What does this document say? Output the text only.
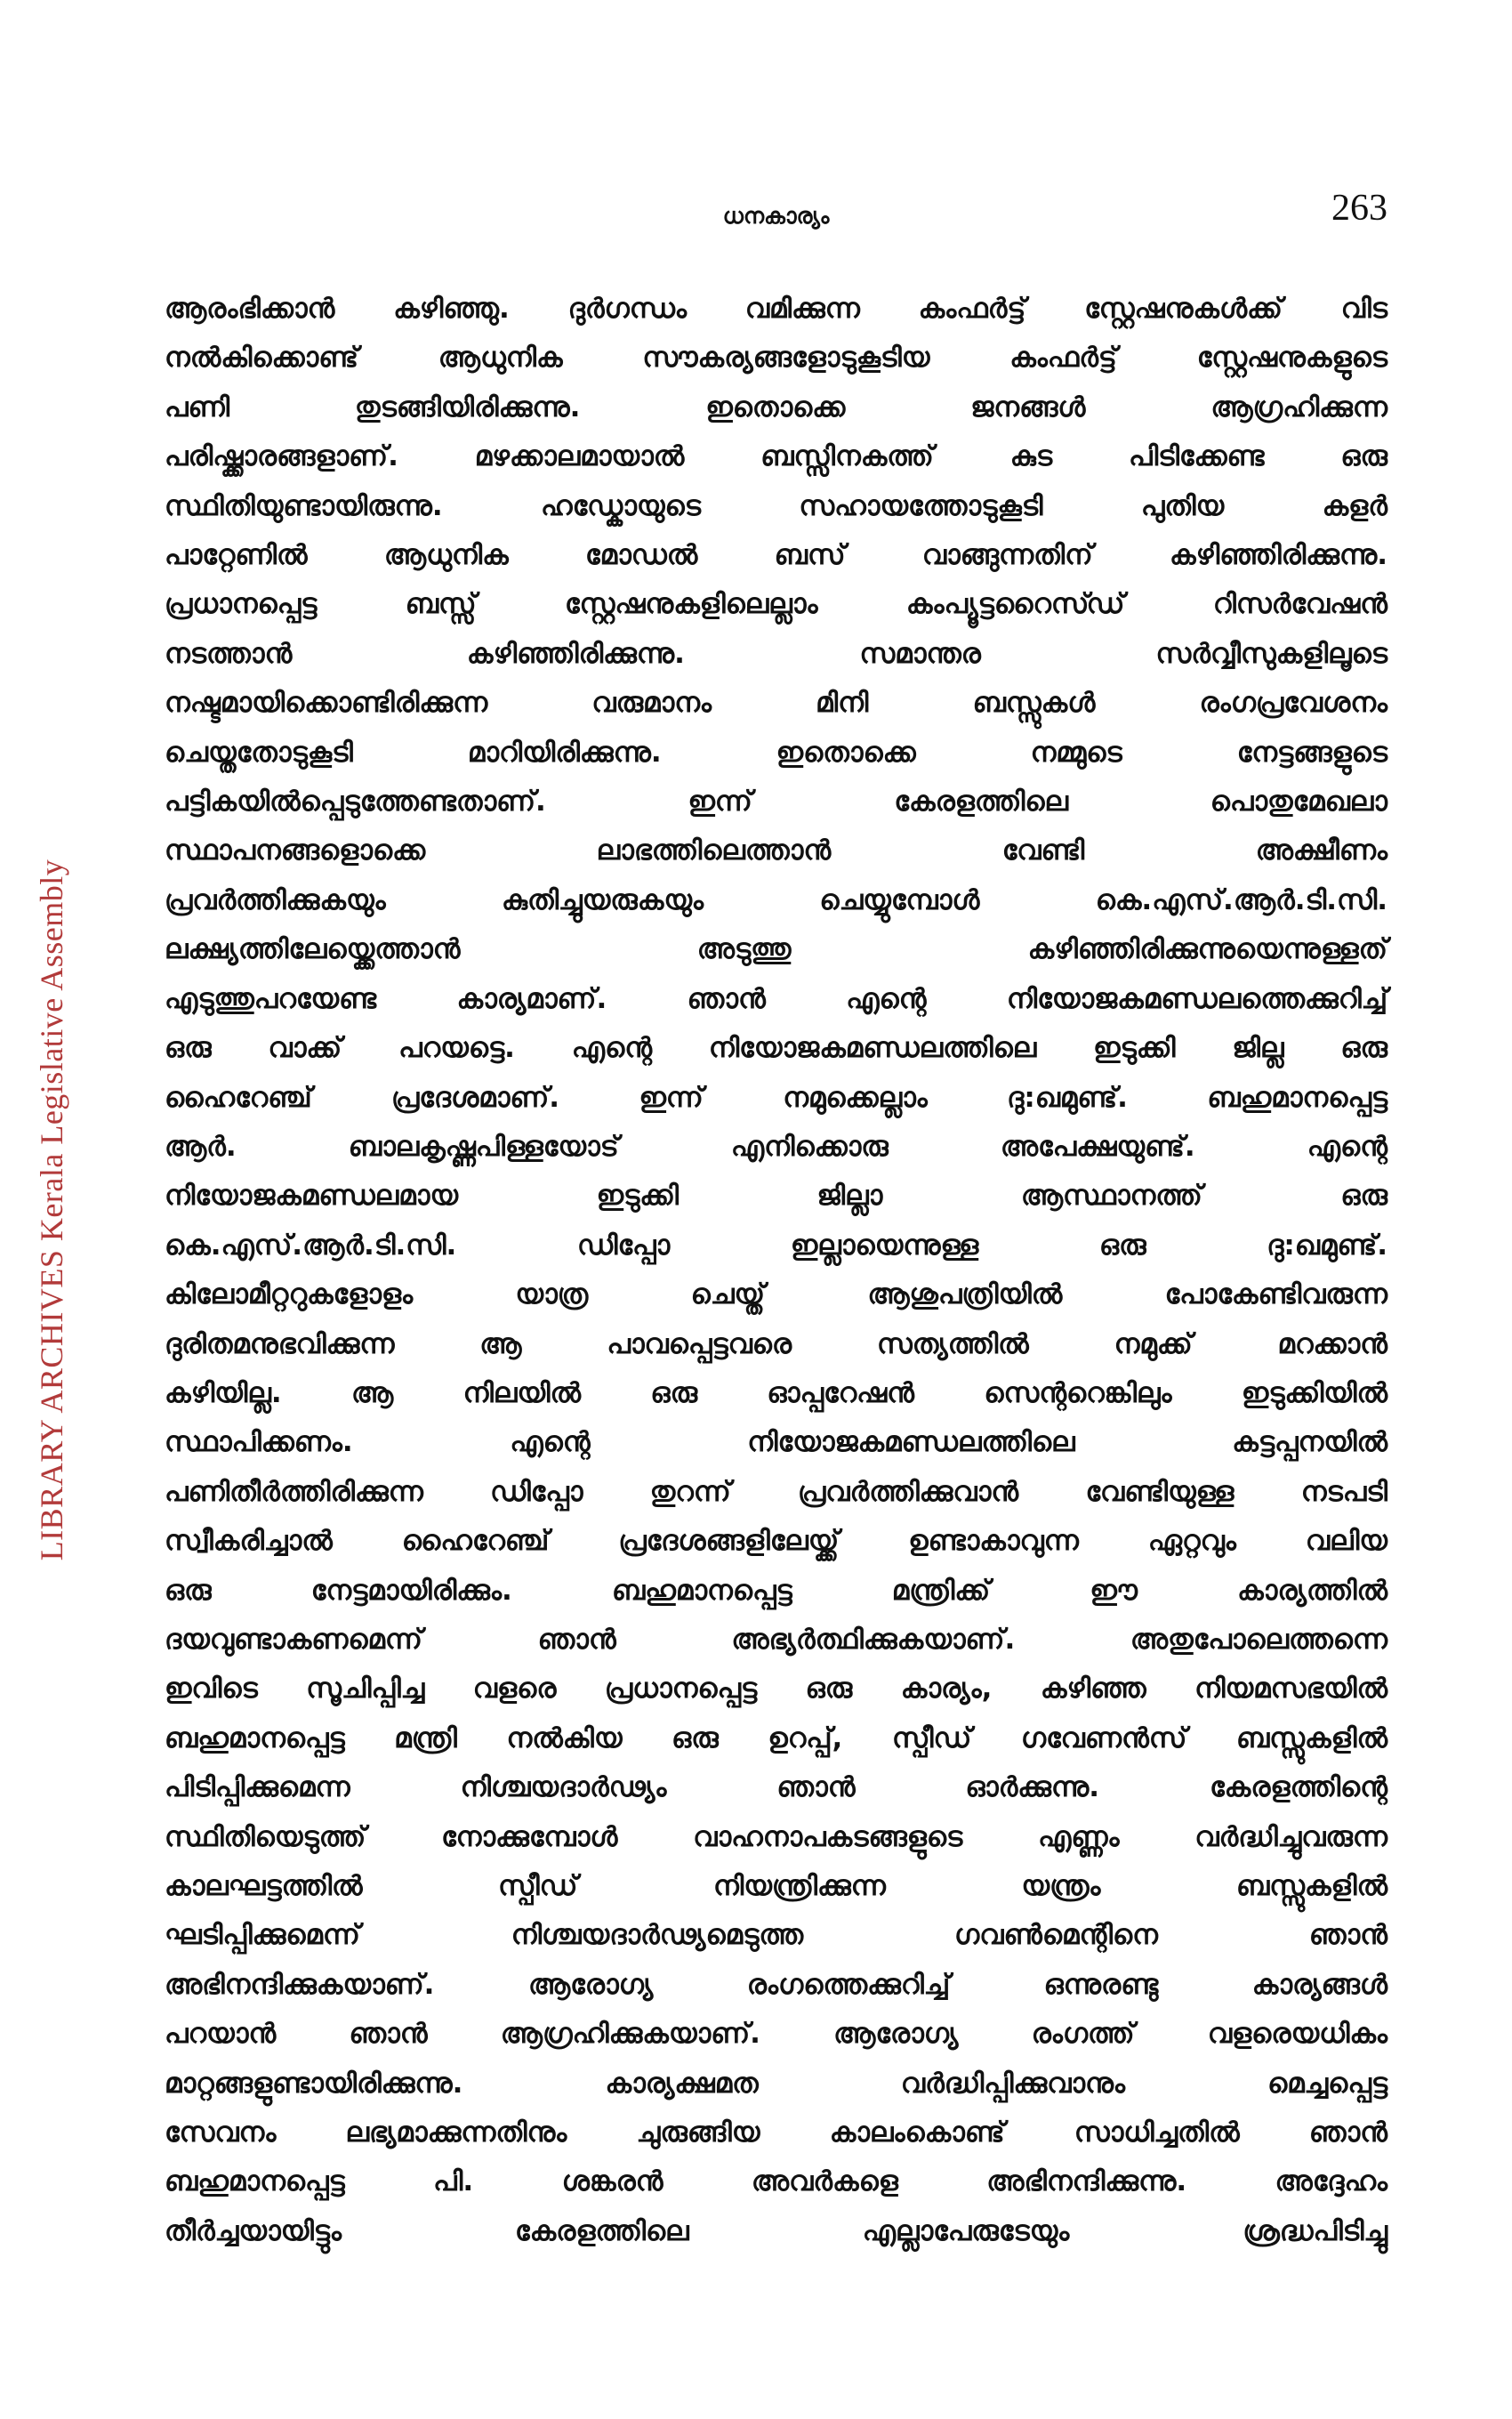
LIBRARY ARCHIVES Kerala Legislative Assembly
ധനകാര്യം	263

ആരംഭിക്കാൻ കഴിഞ്ഞു. ദുർഗന്ധം വമിക്കുന്ന കംഫർട്ട് സ്റ്റേഷനുകൾക്ക് വിട
നൽകിക്കൊണ്ട് ആധുനിക സൗകര്യങ്ങളോടുകൂടിയ കംഫർട്ട് സ്റ്റേഷനുകളുടെ
പണി തുടങ്ങിയിരിക്കുന്നു. ഇതൊക്കെ ജനങ്ങൾ ആഗ്രഹിക്കുന്ന
പരിഷ്ക്കാരങ്ങളാണ്. മഴക്കാലമായാൽ ബസ്സിനകത്ത് കുട പിടിക്കേണ്ട ഒരു
സ്ഥിതിയുണ്ടായിരുന്നു. ഹഡ്കോയുടെ സഹായത്തോടുകൂടി പുതിയ കളർ
പാറ്റേണിൽ ആധുനിക മോഡൽ ബസ് വാങ്ങുന്നതിന് കഴിഞ്ഞിരിക്കുന്നു.
പ്രധാനപ്പെട്ട ബസ്സ് സ്റ്റേഷനുകളിലെല്ലാം കംപ്യൂട്ടറൈസ്ഡ് റിസർവേഷൻ
നടത്താൻ കഴിഞ്ഞിരിക്കുന്നു. സമാന്തര സർവ്വീസുകളിലൂടെ
നഷ്ടമായിക്കൊണ്ടിരിക്കുന്ന വരുമാനം മിനി ബസ്സുകൾ രംഗപ്രവേശനം
ചെയ്തതോടുകൂടി മാറിയിരിക്കുന്നു. ഇതൊക്കെ നമ്മുടെ നേട്ടങ്ങളുടെ
പട്ടികയിൽപ്പെടുത്തേണ്ടതാണ്. ഇന്ന് കേരളത്തിലെ പൊതുമേഖലാ
സ്ഥാപനങ്ങളൊക്കെ ലാഭത്തിലെത്താൻ വേണ്ടി അക്ഷീണം
പ്രവർത്തിക്കുകയും കുതിച്ചുയരുകയും ചെയ്യുമ്പോൾ കെ.എസ്.ആർ.ടി.സി.
ലക്ഷ്യത്തിലേയ്ക്കെത്താൻ അടുത്തു കഴിഞ്ഞിരിക്കുന്നുയെന്നുള്ളത്
എടുത്തുപറയേണ്ട കാര്യമാണ്. ഞാൻ എന്റെ നിയോജകമണ്ഡലത്തെക്കുറിച്ച്
ഒരു വാക്ക് പറയട്ടെ. എന്റെ നിയോജകമണ്ഡലത്തിലെ ഇടുക്കി ജില്ല ഒരു
ഹൈറേഞ്ച് പ്രദേശമാണ്. ഇന്ന് നമുക്കെല്ലാം ദു:ഖമുണ്ട്. ബഹുമാനപ്പെട്ട
ആർ. ബാലകൃഷ്ണപിള്ളയോട് എനിക്കൊരു അപേക്ഷയുണ്ട്. എന്റെ
നിയോജകമണ്ഡലമായ ഇടുക്കി ജില്ലാ ആസ്ഥാനത്ത് ഒരു
കെ.എസ്.ആർ.ടി.സി. ഡിപ്പോ ഇല്ലായെന്നുള്ള ഒരു ദു:ഖമുണ്ട്.
കിലോമീറ്ററുകളോളം യാത്ര ചെയ്ത് ആശുപത്രിയിൽ പോകേണ്ടിവരുന്ന
ദുരിതമനുഭവിക്കുന്ന ആ പാവപ്പെട്ടവരെ സത്യത്തിൽ നമുക്ക് മറക്കാൻ
കഴിയില്ല. ആ നിലയിൽ ഒരു ഓപ്പറേഷൻ സെന്ററെങ്കിലും ഇടുക്കിയിൽ
സ്ഥാപിക്കണം. എന്റെ നിയോജകമണ്ഡലത്തിലെ കട്ടപ്പനയിൽ
പണിതീർത്തിരിക്കുന്ന ഡിപ്പോ തുറന്ന് പ്രവർത്തിക്കുവാൻ വേണ്ടിയുള്ള നടപടി
സ്വീകരിച്ചാൽ ഹൈറേഞ്ച് പ്രദേശങ്ങളിലേയ്ക്ക് ഉണ്ടാകാവുന്ന ഏറ്റവും വലിയ
ഒരു നേട്ടമായിരിക്കും. ബഹുമാനപ്പെട്ട മന്ത്രിക്ക് ഈ കാര്യത്തിൽ
ദയവുണ്ടാകണമെന്ന് ഞാൻ അഭ്യർത്ഥിക്കുകയാണ്. അതുപോലെത്തന്നെ
ഇവിടെ സൂചിപ്പിച്ച വളരെ പ്രധാനപ്പെട്ട ഒരു കാര്യം, കഴിഞ്ഞ നിയമസഭയിൽ
ബഹുമാനപ്പെട്ട മന്ത്രി നൽകിയ ഒരു ഉറപ്പ്, സ്പീഡ് ഗവേണൻസ് ബസ്സുകളിൽ
പിടിപ്പിക്കുമെന്ന നിശ്ചയദാർഢ്യം ഞാൻ ഓർക്കുന്നു. കേരളത്തിന്റെ
സ്ഥിതിയെടുത്ത് നോക്കുമ്പോൾ വാഹനാപകടങ്ങളുടെ എണ്ണം വർദ്ധിച്ചുവരുന്ന
കാലഘട്ടത്തിൽ സ്പീഡ് നിയന്ത്രിക്കുന്ന യന്ത്രം ബസ്സുകളിൽ
ഘടിപ്പിക്കുമെന്ന് നിശ്ചയദാർഢ്യമെടുത്ത ഗവൺമെന്റിനെ ഞാൻ
അഭിനന്ദിക്കുകയാണ്. ആരോഗ്യ രംഗത്തെക്കുറിച്ച് ഒന്നുരണ്ടു കാര്യങ്ങൾ
പറയാൻ ഞാൻ ആഗ്രഹിക്കുകയാണ്. ആരോഗ്യ രംഗത്ത് വളരെയധികം
മാറ്റങ്ങളുണ്ടായിരിക്കുന്നു. കാര്യക്ഷമത വർദ്ധിപ്പിക്കുവാനും മെച്ചപ്പെട്ട
സേവനം ലഭ്യമാക്കുന്നതിനും ചുരുങ്ങിയ കാലംകൊണ്ട് സാധിച്ചതിൽ ഞാൻ
ബഹുമാനപ്പെട്ട പി. ശങ്കരൻ അവർകളെ അഭിനന്ദിക്കുന്നു. അദ്ദേഹം
തീർച്ചയായിട്ടും കേരളത്തിലെ എല്ലാപേരുടേയും ശ്രദ്ധപിടിച്ചു
